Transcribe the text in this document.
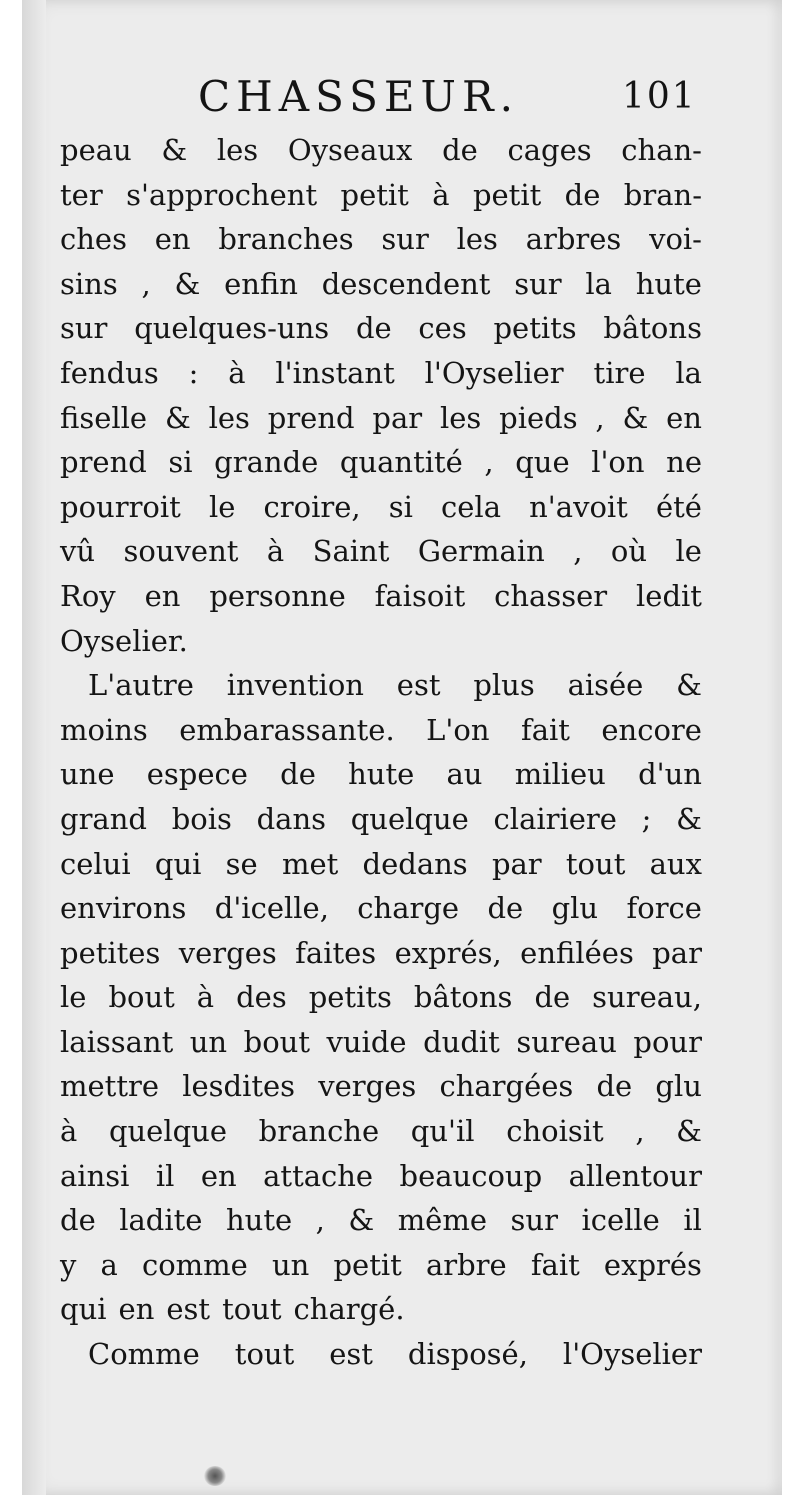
CHASSEUR.	101
peau & les Oyseaux de cages chan-
ter s'approchent petit à petit de bran-
ches en branches sur les arbres voi-
sins , & enfin descendent sur la hute
sur quelques-uns de ces petits bâtons
fendus : à l'instant l'Oyselier tire la
fiselle & les prend par les pieds , & en
prend si grande quantité , que l'on ne
pourroit le croire, si cela n'avoit été
vû souvent à Saint Germain , où le
Roy en personne faisoit chasser ledit
Oyselier.
L'autre invention est plus aisée &
moins embarassante. L'on fait encore
une espece de hute au milieu d'un
grand bois dans quelque clairiere ; &
celui qui se met dedans par tout aux
environs d'icelle, charge de glu force
petites verges faites exprés, enfilées par
le bout à des petits bâtons de sureau,
laissant un bout vuide dudit sureau pour
mettre lesdites verges chargées de glu
à quelque branche qu'il choisit , &
ainsi il en attache beaucoup allentour
de ladite hute , & même sur icelle il
y a comme un petit arbre fait exprés
qui en est tout chargé.
Comme tout est disposé, l'Oyselier
